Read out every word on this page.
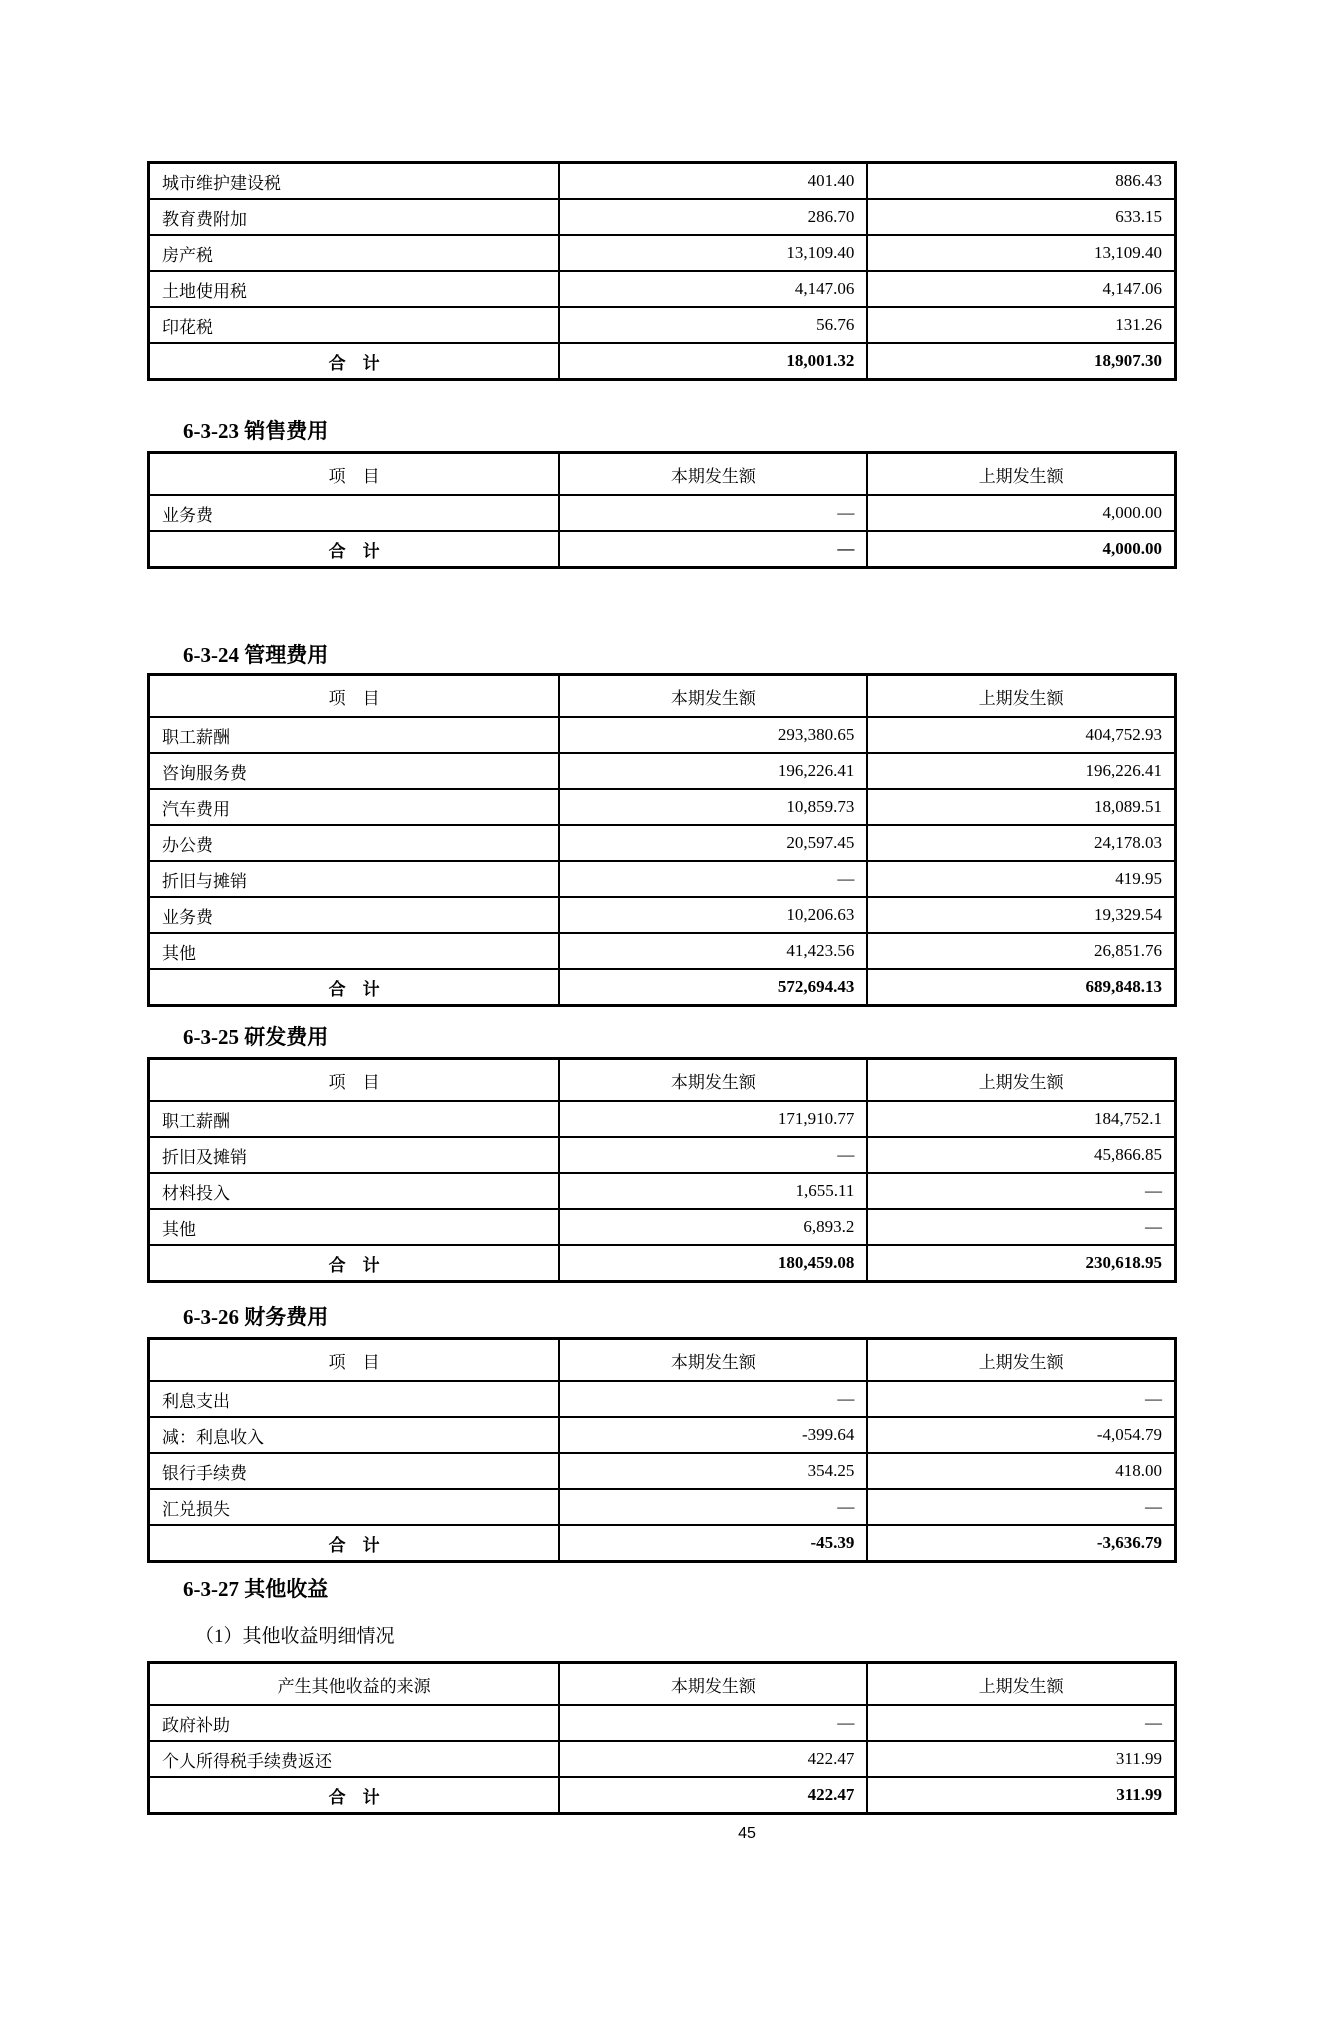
城市维护建设税	401.40	886.43
教育费附加	286.70	633.15
房产税	13,109.40	13,109.40
土地使用税	4,147.06	4,147.06
印花税	56.76	131.26
合　计	18,001.32	18,907.30
6-3-23 销售费用
项　目	本期发生额	上期发生额
业务费	—	4,000.00
合　计	—	4,000.00
6-3-24 管理费用
项　目	本期发生额	上期发生额
职工薪酬	293,380.65	404,752.93
咨询服务费	196,226.41	196,226.41
汽车费用	10,859.73	18,089.51
办公费	20,597.45	24,178.03
折旧与摊销	—	419.95
业务费	10,206.63	19,329.54
其他	41,423.56	26,851.76
合　计	572,694.43	689,848.13
6-3-25 研发费用
项　目	本期发生额	上期发生额
职工薪酬	171,910.77	184,752.1
折旧及摊销	—	45,866.85
材料投入	1,655.11	—
其他	6,893.2	—
合　计	180,459.08	230,618.95
6-3-26 财务费用
项　目	本期发生额	上期发生额
利息支出	—	—
减：利息收入	-399.64	-4,054.79
银行手续费	354.25	418.00
汇兑损失	—	—
合　计	-45.39	-3,636.79
6-3-27 其他收益
（1）其他收益明细情况
产生其他收益的来源	本期发生额	上期发生额
政府补助	—	—
个人所得税手续费返还	422.47	311.99
合　计	422.47	311.99
45
